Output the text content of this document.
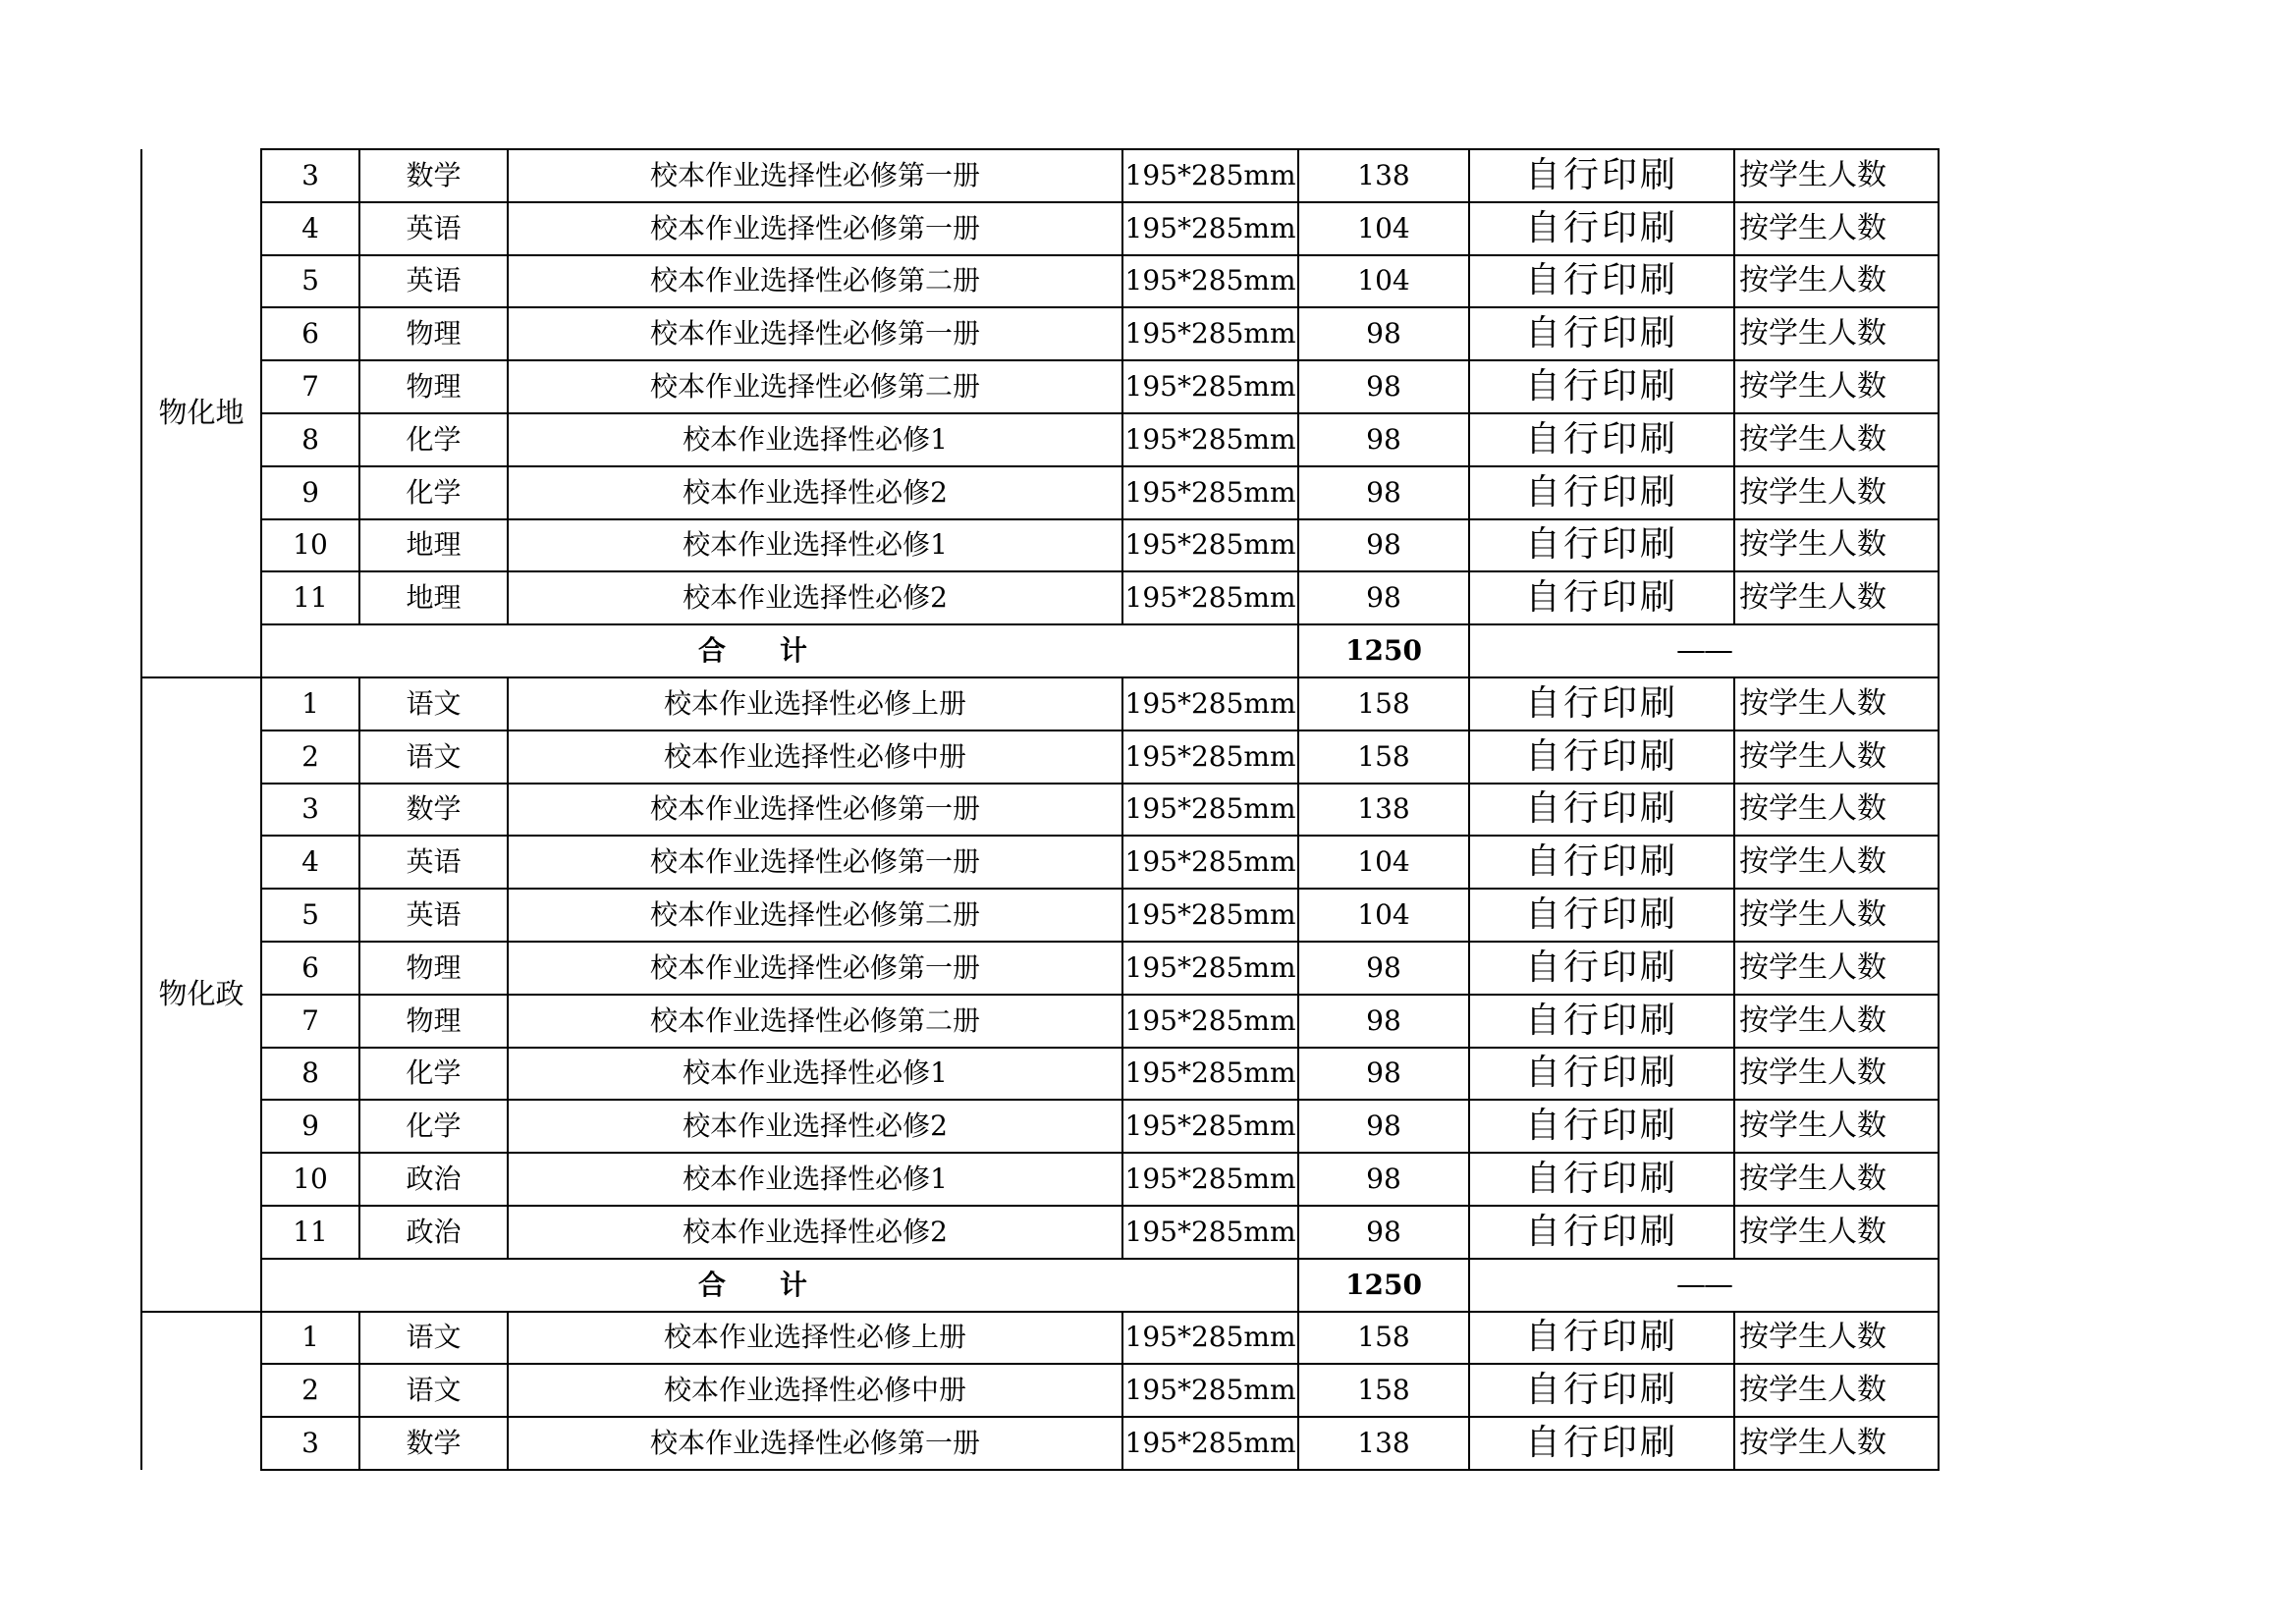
物化地	3	数学	校本作业选择性必修第一册	195*285mm	138	自行印刷	按学生人数
	4	英语	校本作业选择性必修第一册	195*285mm	104	自行印刷	按学生人数
	5	英语	校本作业选择性必修第二册	195*285mm	104	自行印刷	按学生人数
	6	物理	校本作业选择性必修第一册	195*285mm	98	自行印刷	按学生人数
	7	物理	校本作业选择性必修第二册	195*285mm	98	自行印刷	按学生人数
	8	化学	校本作业选择性必修1	195*285mm	98	自行印刷	按学生人数
	9	化学	校本作业选择性必修2	195*285mm	98	自行印刷	按学生人数
	10	地理	校本作业选择性必修1	195*285mm	98	自行印刷	按学生人数
	11	地理	校本作业选择性必修2	195*285mm	98	自行印刷	按学生人数
	合计				1250	——	
物化政	1	语文	校本作业选择性必修上册	195*285mm	158	自行印刷	按学生人数
	2	语文	校本作业选择性必修中册	195*285mm	158	自行印刷	按学生人数
	3	数学	校本作业选择性必修第一册	195*285mm	138	自行印刷	按学生人数
	4	英语	校本作业选择性必修第一册	195*285mm	104	自行印刷	按学生人数
	5	英语	校本作业选择性必修第二册	195*285mm	104	自行印刷	按学生人数
	6	物理	校本作业选择性必修第一册	195*285mm	98	自行印刷	按学生人数
	7	物理	校本作业选择性必修第二册	195*285mm	98	自行印刷	按学生人数
	8	化学	校本作业选择性必修1	195*285mm	98	自行印刷	按学生人数
	9	化学	校本作业选择性必修2	195*285mm	98	自行印刷	按学生人数
	10	政治	校本作业选择性必修1	195*285mm	98	自行印刷	按学生人数
	11	政治	校本作业选择性必修2	195*285mm	98	自行印刷	按学生人数
	合计				1250	——	
	1	语文	校本作业选择性必修上册	195*285mm	158	自行印刷	按学生人数
	2	语文	校本作业选择性必修中册	195*285mm	158	自行印刷	按学生人数
	3	数学	校本作业选择性必修第一册	195*285mm	138	自行印刷	按学生人数
